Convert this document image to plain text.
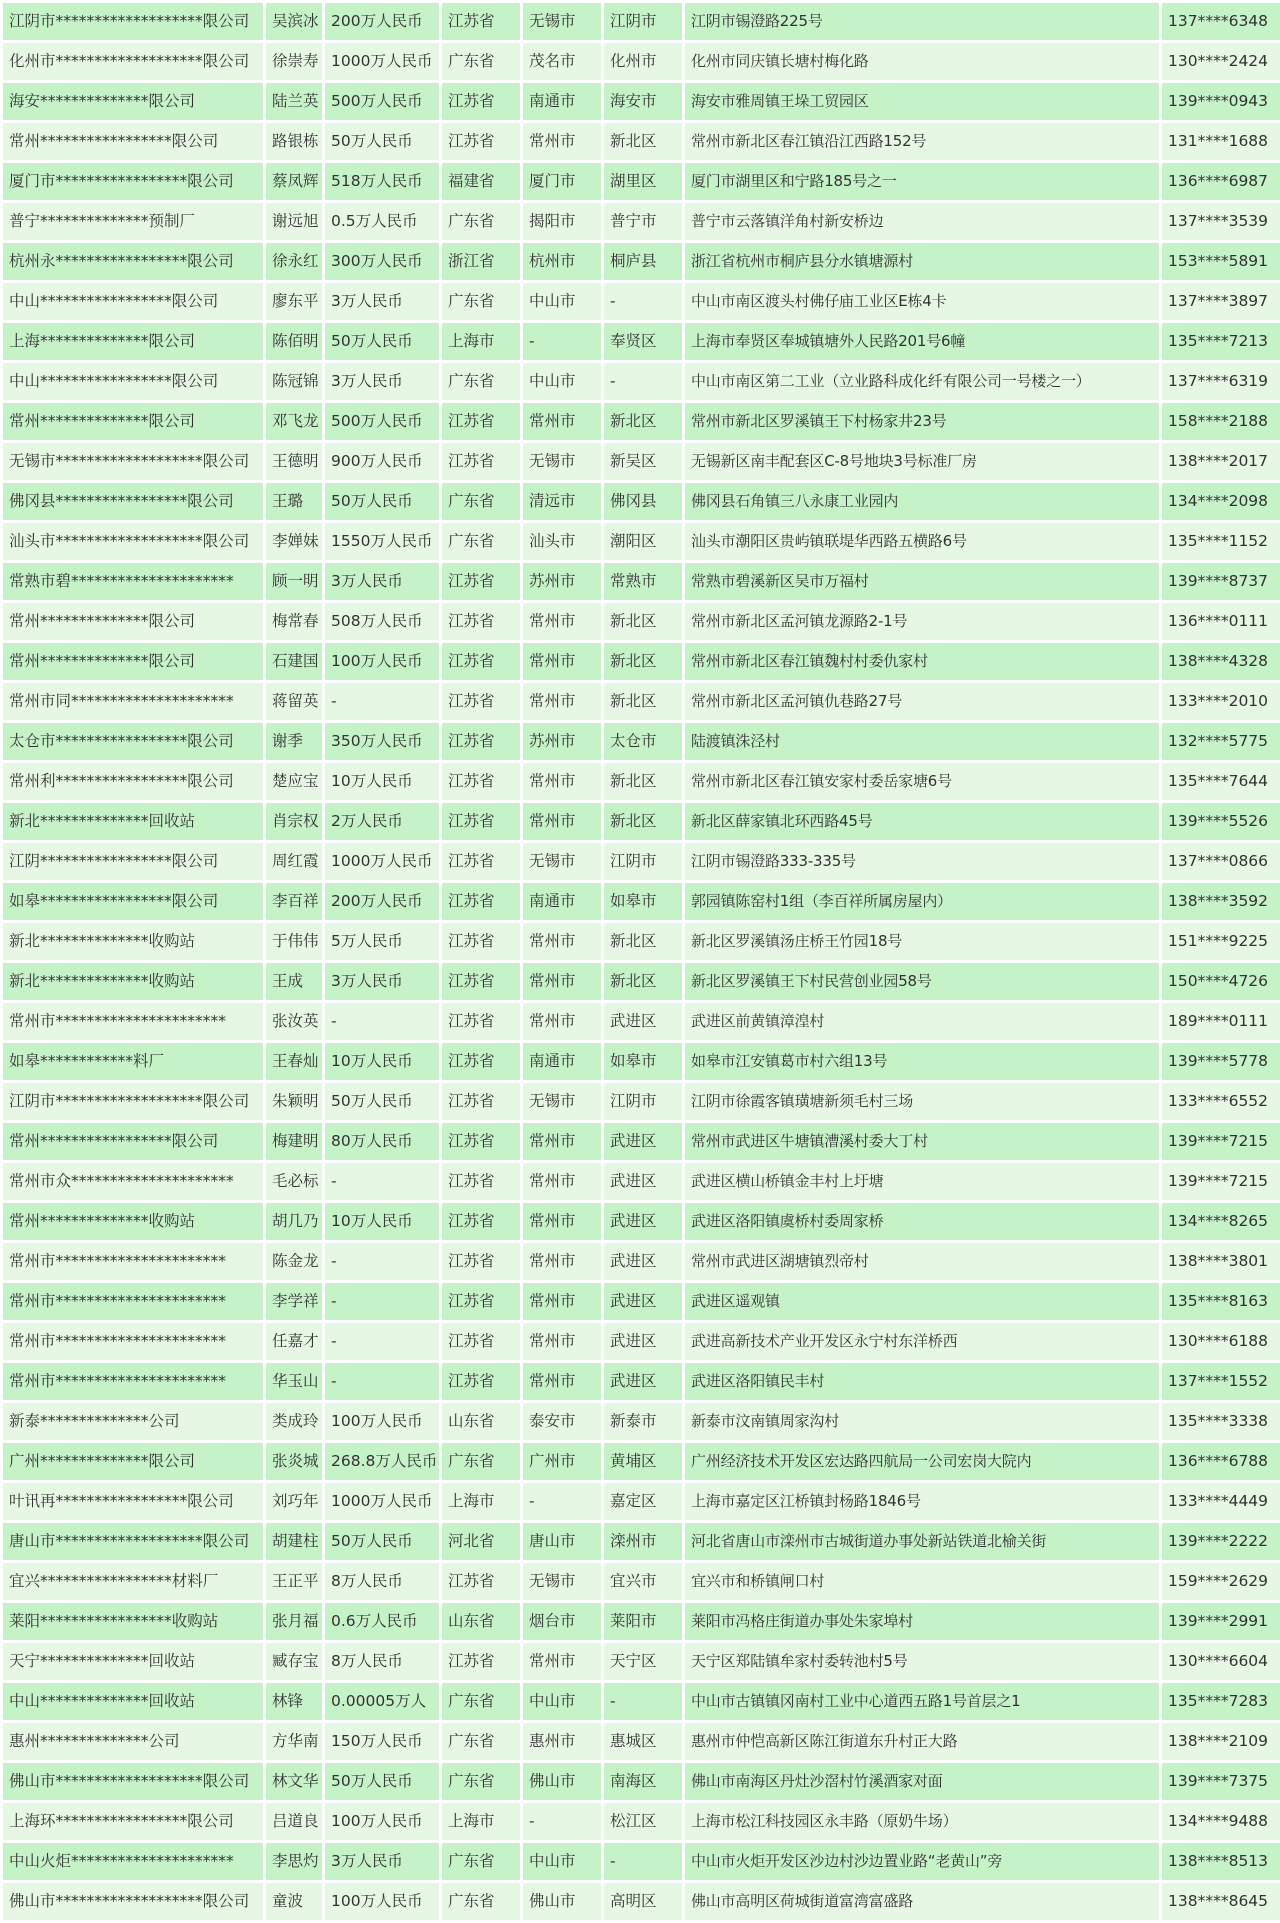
江阴市*******************限公司	吴滨冰	200万人民币	江苏省	无锡市	江阴市	江阴市锡澄路225号	137****6348
化州市*******************限公司	徐崇寿	1000万人民币	广东省	茂名市	化州市	化州市同庆镇长塘村梅化路	130****2424
海安**************限公司	陆兰英	500万人民币	江苏省	南通市	海安市	海安市雅周镇王垛工贸园区	139****0943
常州*****************限公司	路银栋	50万人民币	江苏省	常州市	新北区	常州市新北区春江镇沿江西路152号	131****1688
厦门市*****************限公司	蔡凤辉	518万人民币	福建省	厦门市	湖里区	厦门市湖里区和宁路185号之一	136****6987
普宁**************预制厂	谢远旭	0.5万人民币	广东省	揭阳市	普宁市	普宁市云落镇洋角村新安桥边	137****3539
杭州永*****************限公司	徐永红	300万人民币	浙江省	杭州市	桐庐县	浙江省杭州市桐庐县分水镇塘源村	153****5891
中山*****************限公司	廖东平	3万人民币	广东省	中山市	-	中山市南区渡头村佛仔庙工业区E栋4卡	137****3897
上海**************限公司	陈佰明	50万人民币	上海市	-	奉贤区	上海市奉贤区奉城镇塘外人民路201号6幢	135****7213
中山*****************限公司	陈冠锦	3万人民币	广东省	中山市	-	中山市南区第二工业（立业路科成化纤有限公司一号楼之一）	137****6319
常州**************限公司	邓飞龙	500万人民币	江苏省	常州市	新北区	常州市新北区罗溪镇王下村杨家井23号	158****2188
无锡市*******************限公司	王德明	900万人民币	江苏省	无锡市	新吴区	无锡新区南丰配套区C-8号地块3号标准厂房	138****2017
佛冈县*****************限公司	王璐	50万人民币	广东省	清远市	佛冈县	佛冈县石角镇三八永康工业园内	134****2098
汕头市*******************限公司	李婵妹	1550万人民币	广东省	汕头市	潮阳区	汕头市潮阳区贵屿镇联堤华西路五横路6号	135****1152
常熟市碧*********************	顾一明	3万人民币	江苏省	苏州市	常熟市	常熟市碧溪新区吴市万福村	139****8737
常州**************限公司	梅常春	508万人民币	江苏省	常州市	新北区	常州市新北区孟河镇龙源路2-1号	136****0111
常州**************限公司	石建国	100万人民币	江苏省	常州市	新北区	常州市新北区春江镇魏村村委仇家村	138****4328
常州市同*********************	蒋留英	-	江苏省	常州市	新北区	常州市新北区孟河镇仇巷路27号	133****2010
太仓市*****************限公司	谢季	350万人民币	江苏省	苏州市	太仓市	陆渡镇洙泾村	132****5775
常州利*****************限公司	楚应宝	10万人民币	江苏省	常州市	新北区	常州市新北区春江镇安家村委岳家塘6号	135****7644
新北**************回收站	肖宗权	2万人民币	江苏省	常州市	新北区	新北区薛家镇北环西路45号	139****5526
江阴*****************限公司	周红霞	1000万人民币	江苏省	无锡市	江阴市	江阴市锡澄路333-335号	137****0866
如皋*****************限公司	李百祥	200万人民币	江苏省	南通市	如皋市	郭园镇陈窑村1组（李百祥所属房屋内）	138****3592
新北**************收购站	于伟伟	5万人民币	江苏省	常州市	新北区	新北区罗溪镇汤庄桥王竹园18号	151****9225
新北**************收购站	王成	3万人民币	江苏省	常州市	新北区	新北区罗溪镇王下村民营创业园58号	150****4726
常州市**********************	张汝英	-	江苏省	常州市	武进区	武进区前黄镇漳湟村	189****0111
如皋************料厂	王春灿	10万人民币	江苏省	南通市	如皋市	如皋市江安镇葛市村六组13号	139****5778
江阴市*******************限公司	朱颖明	50万人民币	江苏省	无锡市	江阴市	江阴市徐霞客镇璜塘新须毛村三场	133****6552
常州*****************限公司	梅建明	80万人民币	江苏省	常州市	武进区	常州市武进区牛塘镇漕溪村委大丁村	139****7215
常州市众*********************	毛必标	-	江苏省	常州市	武进区	武进区横山桥镇金丰村上圩塘	139****7215
常州**************收购站	胡几乃	10万人民币	江苏省	常州市	武进区	武进区洛阳镇虞桥村委周家桥	134****8265
常州市**********************	陈金龙	-	江苏省	常州市	武进区	常州市武进区湖塘镇烈帝村	138****3801
常州市**********************	李学祥	-	江苏省	常州市	武进区	武进区遥观镇	135****8163
常州市**********************	任嘉才	-	江苏省	常州市	武进区	武进高新技术产业开发区永宁村东洋桥西	130****6188
常州市**********************	华玉山	-	江苏省	常州市	武进区	武进区洛阳镇民丰村	137****1552
新泰**************公司	类成玲	100万人民币	山东省	泰安市	新泰市	新泰市汶南镇周家沟村	135****3338
广州**************限公司	张炎城	268.8万人民币	广东省	广州市	黄埔区	广州经济技术开发区宏达路四航局一公司宏岗大院内	136****6788
叶讯再*****************限公司	刘巧年	1000万人民币	上海市	-	嘉定区	上海市嘉定区江桥镇封杨路1846号	133****4449
唐山市*******************限公司	胡建柱	50万人民币	河北省	唐山市	滦州市	河北省唐山市滦州市古城街道办事处新站铁道北榆关街	139****2222
宜兴*****************材料厂	王正平	8万人民币	江苏省	无锡市	宜兴市	宜兴市和桥镇闸口村	159****2629
莱阳*****************收购站	张月福	0.6万人民币	山东省	烟台市	莱阳市	莱阳市冯格庄街道办事处朱家埠村	139****2991
天宁**************回收站	臧存宝	8万人民币	江苏省	常州市	天宁区	天宁区郑陆镇牟家村委转池村5号	130****6604
中山**************回收站	林锋	0.00005万人	广东省	中山市	-	中山市古镇镇冈南村工业中心道西五路1号首层之1	135****7283
惠州**************公司	方华南	150万人民币	广东省	惠州市	惠城区	惠州市仲恺高新区陈江街道东升村正大路	138****2109
佛山市*******************限公司	林文华	50万人民币	广东省	佛山市	南海区	佛山市南海区丹灶沙滘村竹溪酒家对面	139****7375
上海环*****************限公司	吕道良	100万人民币	上海市	-	松江区	上海市松江科技园区永丰路（原奶牛场）	134****9488
中山火炬*********************	李思灼	3万人民币	广东省	中山市	-	中山市火炬开发区沙边村沙边置业路“老黄山”旁	138****8513
佛山市*******************限公司	童波	100万人民币	广东省	佛山市	高明区	佛山市高明区荷城街道富湾富盛路	138****8645
